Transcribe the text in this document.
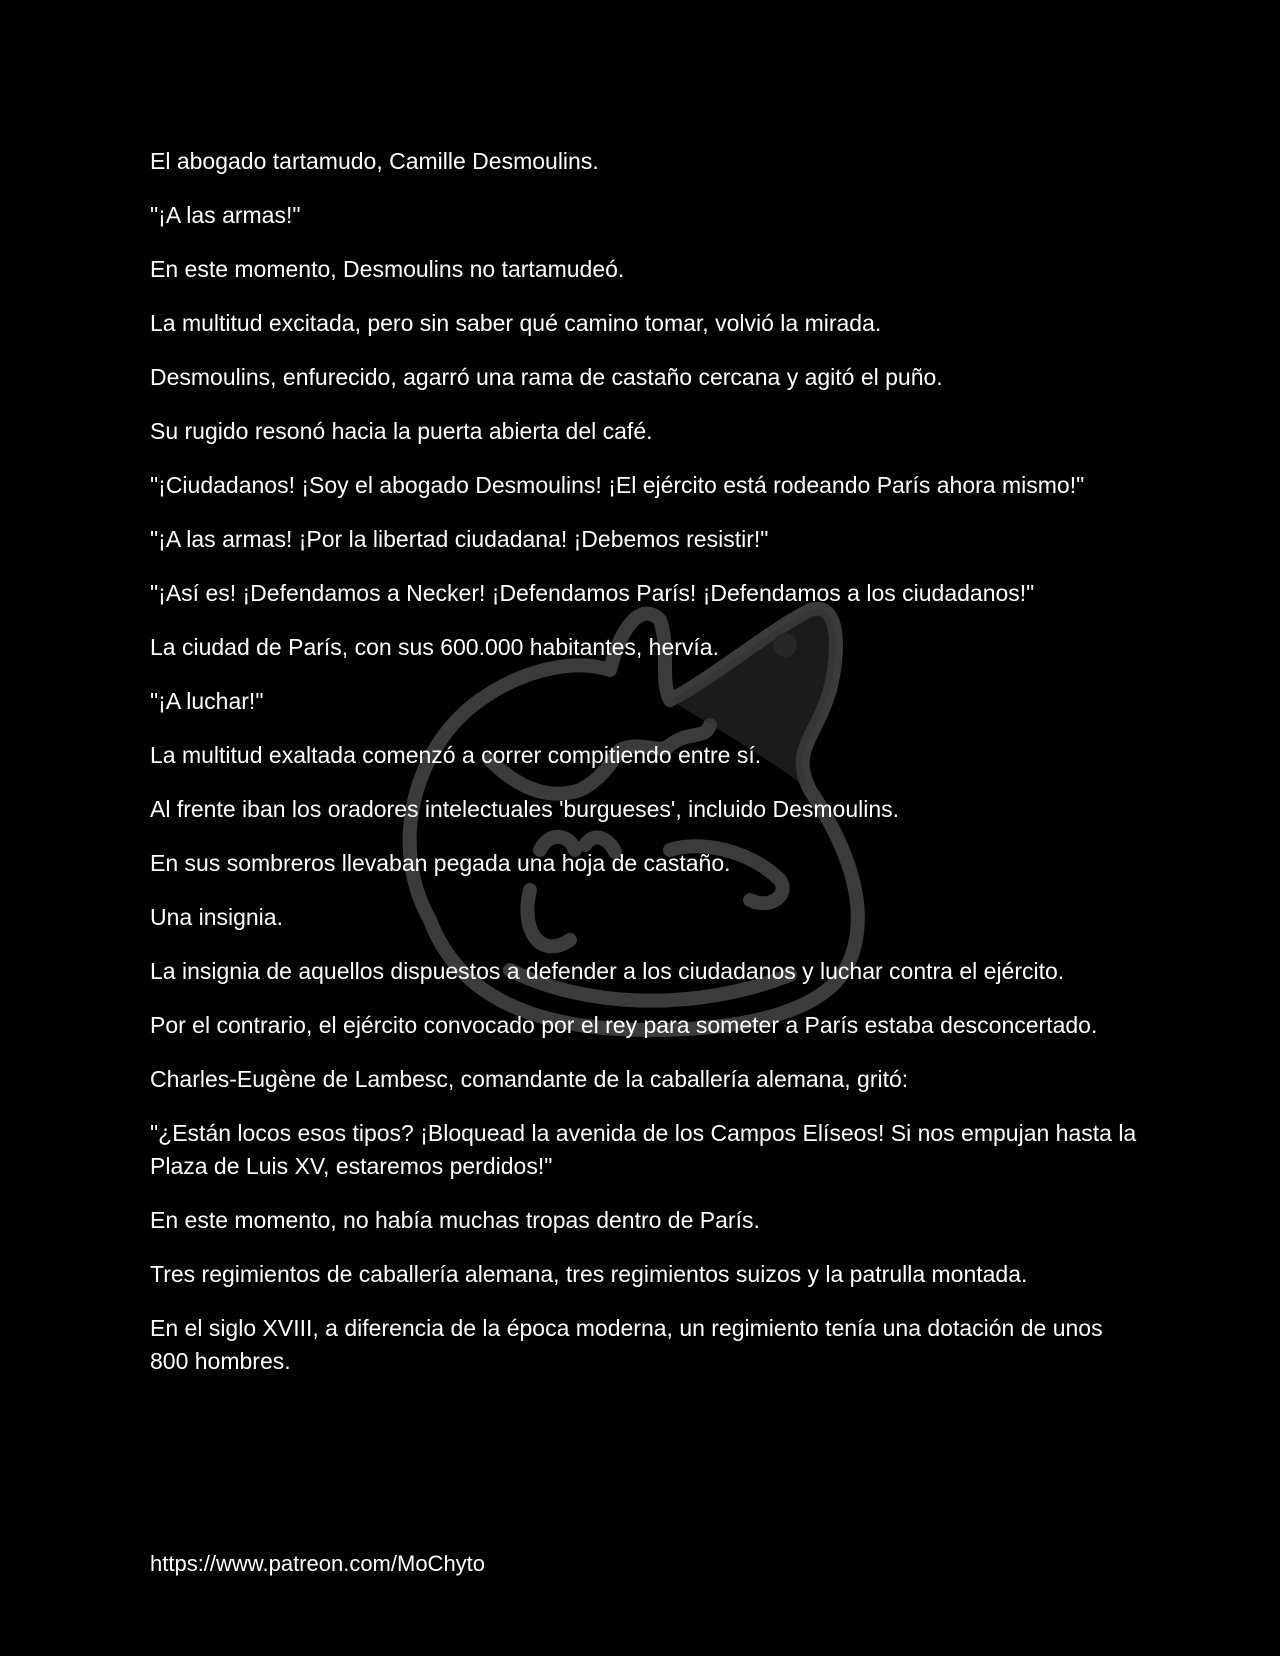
El abogado tartamudo, Camille Desmoulins.

"¡A las armas!"

En este momento, Desmoulins no tartamudeó.

La multitud excitada, pero sin saber qué camino tomar, volvió la mirada.

Desmoulins, enfurecido, agarró una rama de castaño cercana y agitó el puño.

Su rugido resonó hacia la puerta abierta del café.

"¡Ciudadanos! ¡Soy el abogado Desmoulins! ¡El ejército está rodeando París ahora mismo!"

"¡A las armas! ¡Por la libertad ciudadana! ¡Debemos resistir!"

"¡Así es! ¡Defendamos a Necker! ¡Defendamos París! ¡Defendamos a los ciudadanos!"

La ciudad de París, con sus 600.000 habitantes, hervía.

"¡A luchar!"

La multitud exaltada comenzó a correr compitiendo entre sí.

Al frente iban los oradores intelectuales 'burgueses', incluido Desmoulins.

En sus sombreros llevaban pegada una hoja de castaño.

Una insignia.

La insignia de aquellos dispuestos a defender a los ciudadanos y luchar contra el ejército.

Por el contrario, el ejército convocado por el rey para someter a París estaba desconcertado.

Charles-Eugène de Lambesc, comandante de la caballería alemana, gritó:

"¿Están locos esos tipos? ¡Bloquead la avenida de los Campos Elíseos! Si nos empujan hasta la Plaza de Luis XV, estaremos perdidos!"

En este momento, no había muchas tropas dentro de París.

Tres regimientos de caballería alemana, tres regimientos suizos y la patrulla montada.

En el siglo XVIII, a diferencia de la época moderna, un regimiento tenía una dotación de unos 800 hombres.

https://www.patreon.com/MoChyto
